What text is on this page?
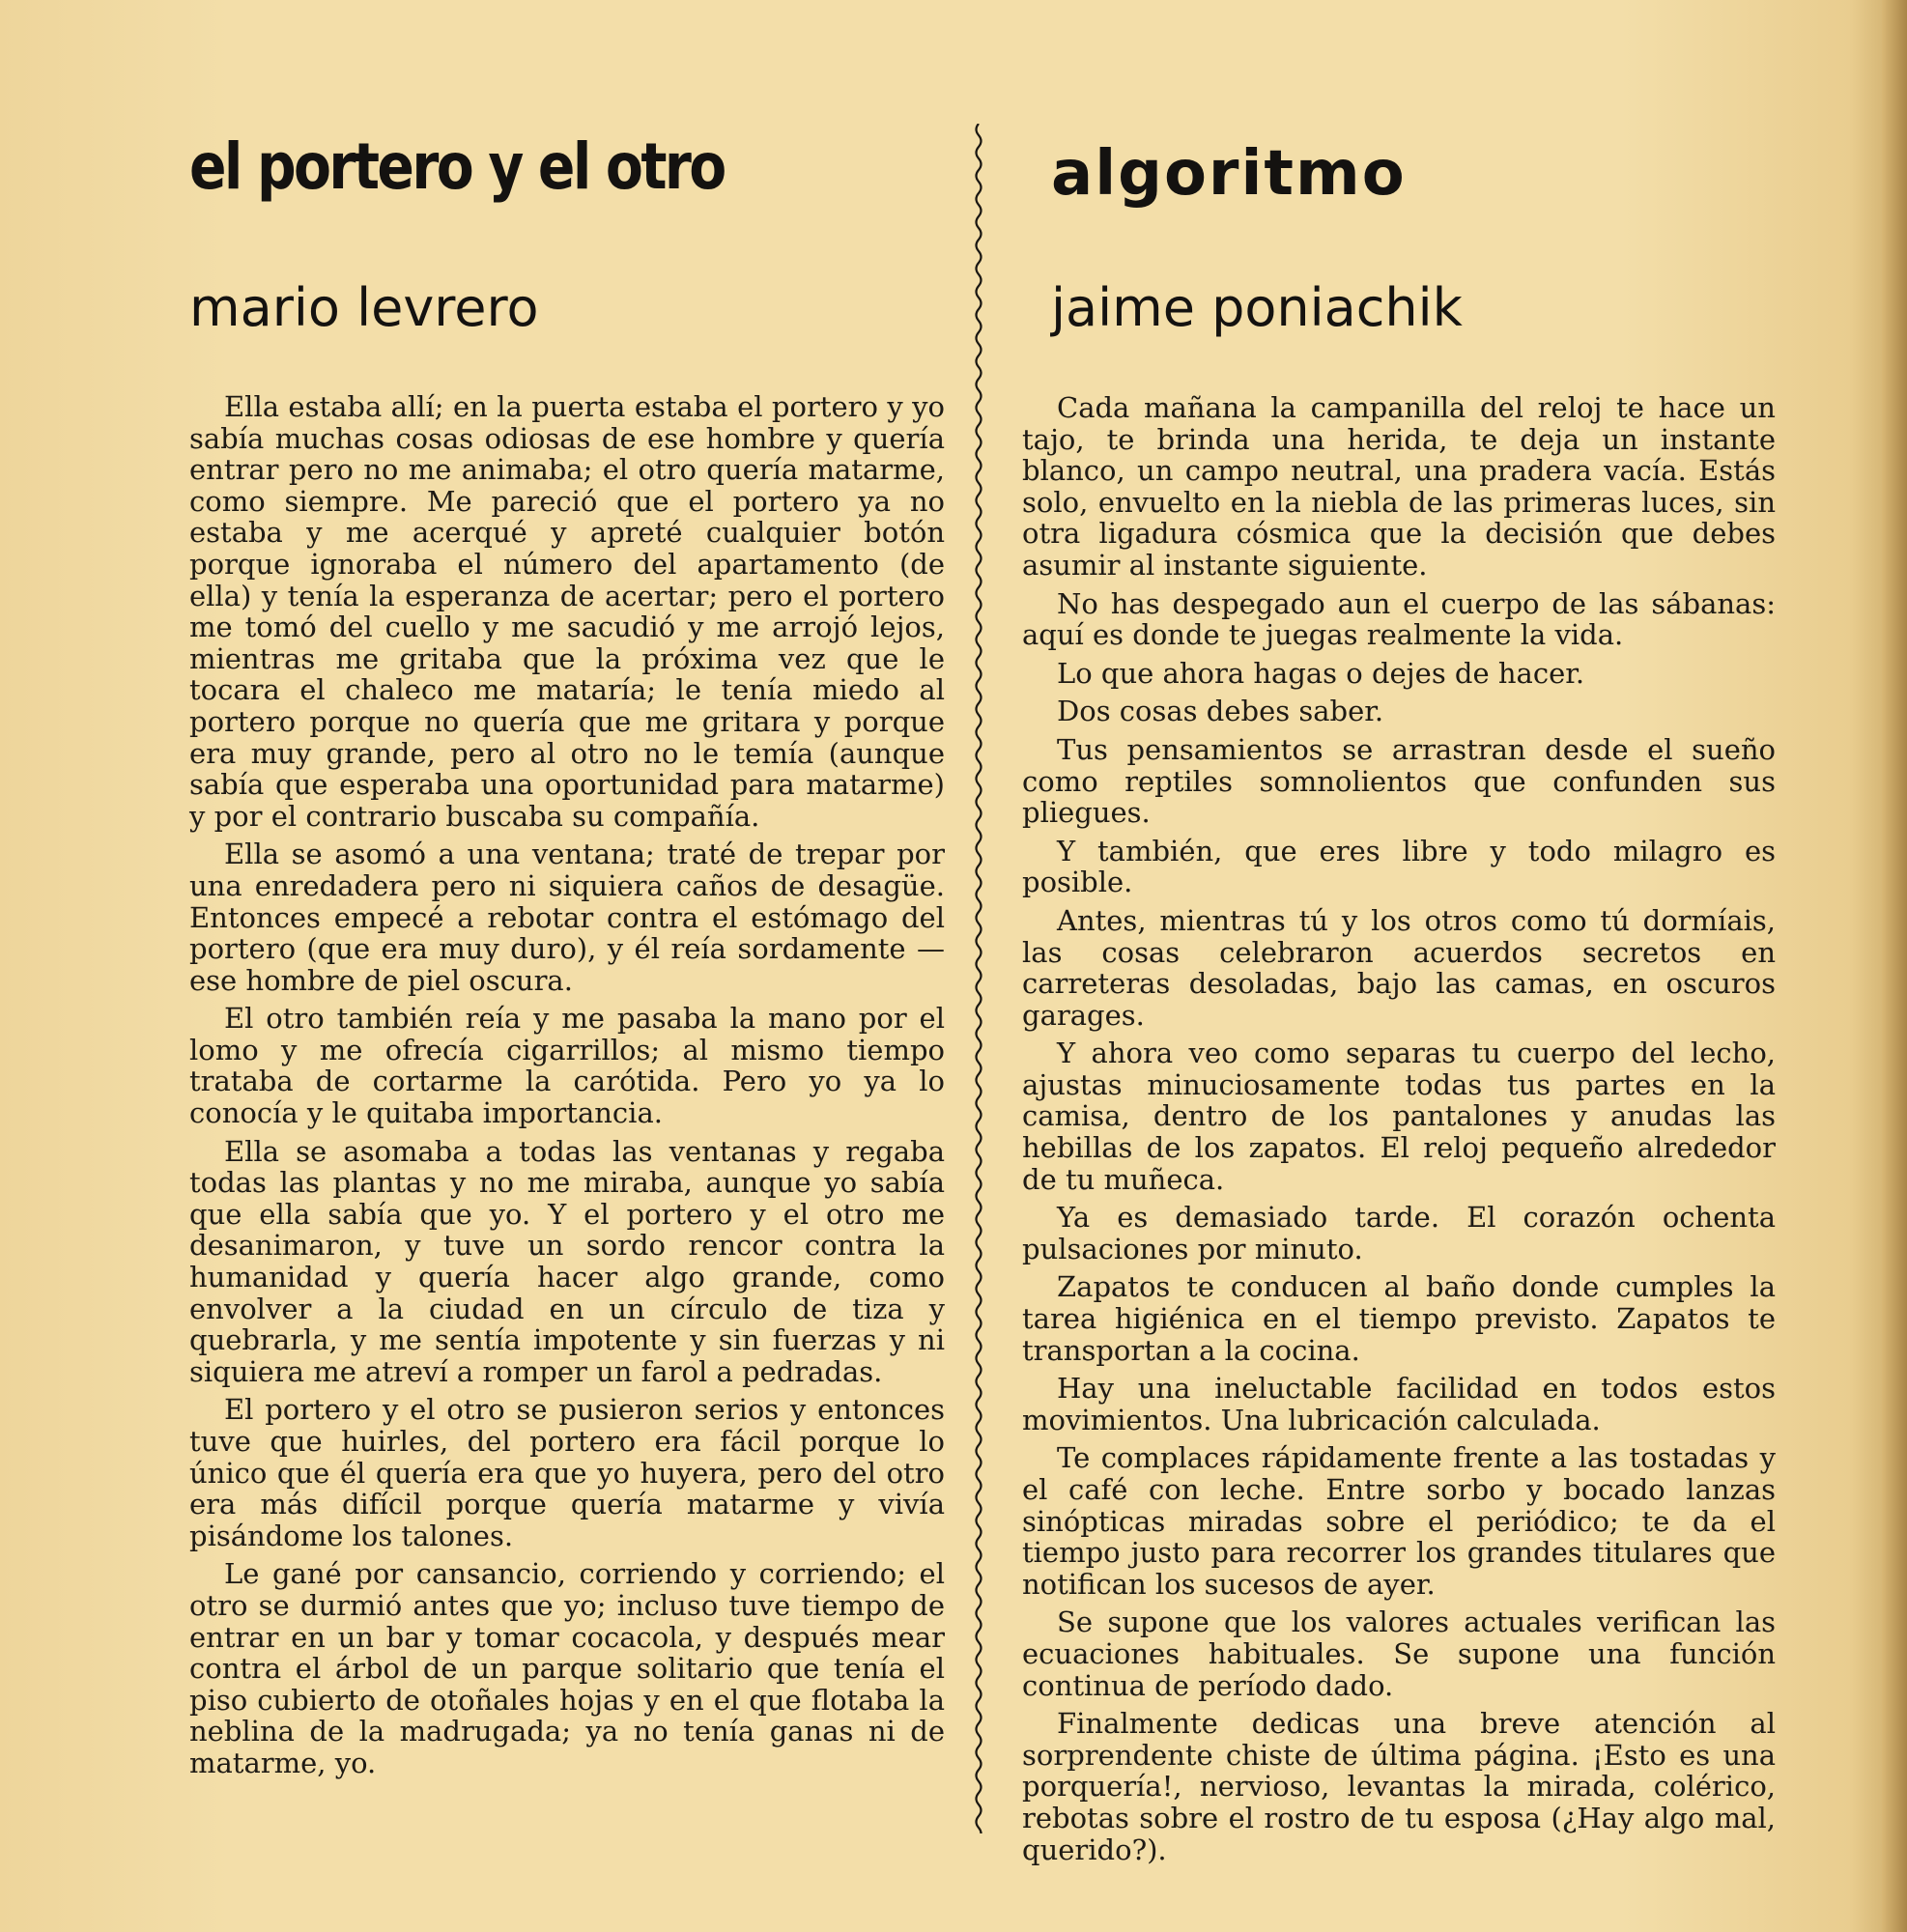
el portero y el otro
mario levrero

Ella estaba allí; en la puerta estaba el portero y yo sabía muchas cosas odiosas de ese hombre y quería entrar pero no me animaba; el otro quería matarme, como siempre. Me pareció que el portero ya no estaba y me acerqué y apreté cualquier botón porque ignoraba el número del apartamento (de ella) y tenía la esperanza de acertar; pero el portero me tomó del cuello y me sacudió y me arrojó lejos, mientras me gritaba que la próxima vez que le tocara el chaleco me mataría; le tenía miedo al portero porque no quería que me gritara y porque era muy grande, pero al otro no le temía (aunque sabía que esperaba una oportunidad para matarme) y por el contrario buscaba su compañía.

Ella se asomó a una ventana; traté de trepar por una enredadera pero ni siquiera caños de desagüe. Entonces empecé a rebotar contra el estómago del portero (que era muy duro), y él reía sordamente — ese hombre de piel oscura.

El otro también reía y me pasaba la mano por el lomo y me ofrecía cigarrillos; al mismo tiempo trataba de cortarme la carótida. Pero yo ya lo conocía y le quitaba importancia.

Ella se asomaba a todas las ventanas y regaba todas las plantas y no me miraba, aunque yo sabía que ella sabía que yo. Y el portero y el otro me desanimaron, y tuve un sordo rencor contra la humanidad y quería hacer algo grande, como envolver a la ciudad en un círculo de tiza y quebrarla, y me sentía impotente y sin fuerzas y ni siquiera me atreví a romper un farol a pedradas.

El portero y el otro se pusieron serios y entonces tuve que huirles, del portero era fácil porque lo único que él quería era que yo huyera, pero del otro era más difícil porque quería matarme y vivía pisándome los talones.

Le gané por cansancio, corriendo y corriendo; el otro se durmió antes que yo; incluso tuve tiempo de entrar en un bar y tomar cocacola, y después mear contra el árbol de un parque solitario que tenía el piso cubierto de otoñales hojas y en el que flotaba la neblina de la madrugada; ya no tenía ganas ni de matarme, yo.

algoritmo
jaime poniachik

Cada mañana la campanilla del reloj te hace un tajo, te brinda una herida, te deja un instante blanco, un campo neutral, una pradera vacía. Estás solo, envuelto en la niebla de las primeras luces, sin otra ligadura cósmica que la decisión que debes asumir al instante siguiente.

No has despegado aun el cuerpo de las sábanas: aquí es donde te juegas realmente la vida.

Lo que ahora hagas o dejes de hacer.

Dos cosas debes saber.

Tus pensamientos se arrastran desde el sueño como reptiles somnolientos que confunden sus pliegues.

Y también, que eres libre y todo milagro es posible.

Antes, mientras tú y los otros como tú dormíais, las cosas celebraron acuerdos secretos en carreteras desoladas, bajo las camas, en oscuros garages.

Y ahora veo como separas tu cuerpo del lecho, ajustas minuciosamente todas tus partes en la camisa, dentro de los pantalones y anudas las hebillas de los zapatos. El reloj pequeño alrededor de tu muñeca.

Ya es demasiado tarde. El corazón ochenta pulsaciones por minuto.

Zapatos te conducen al baño donde cumples la tarea higiénica en el tiempo previsto. Zapatos te transportan a la cocina.

Hay una ineluctable facilidad en todos estos movimientos. Una lubricación calculada.

Te complaces rápidamente frente a las tostadas y el café con leche. Entre sorbo y bocado lanzas sinópticas miradas sobre el periódico; te da el tiempo justo para recorrer los grandes titulares que notifican los sucesos de ayer.

Se supone que los valores actuales verifican las ecuaciones habituales. Se supone una función continua de período dado.

Finalmente dedicas una breve atención al sorprendente chiste de última página. ¡Esto es una porquería!, nervioso, levantas la mirada, colérico, rebotas sobre el rostro de tu esposa (¿Hay algo mal, querido?).
